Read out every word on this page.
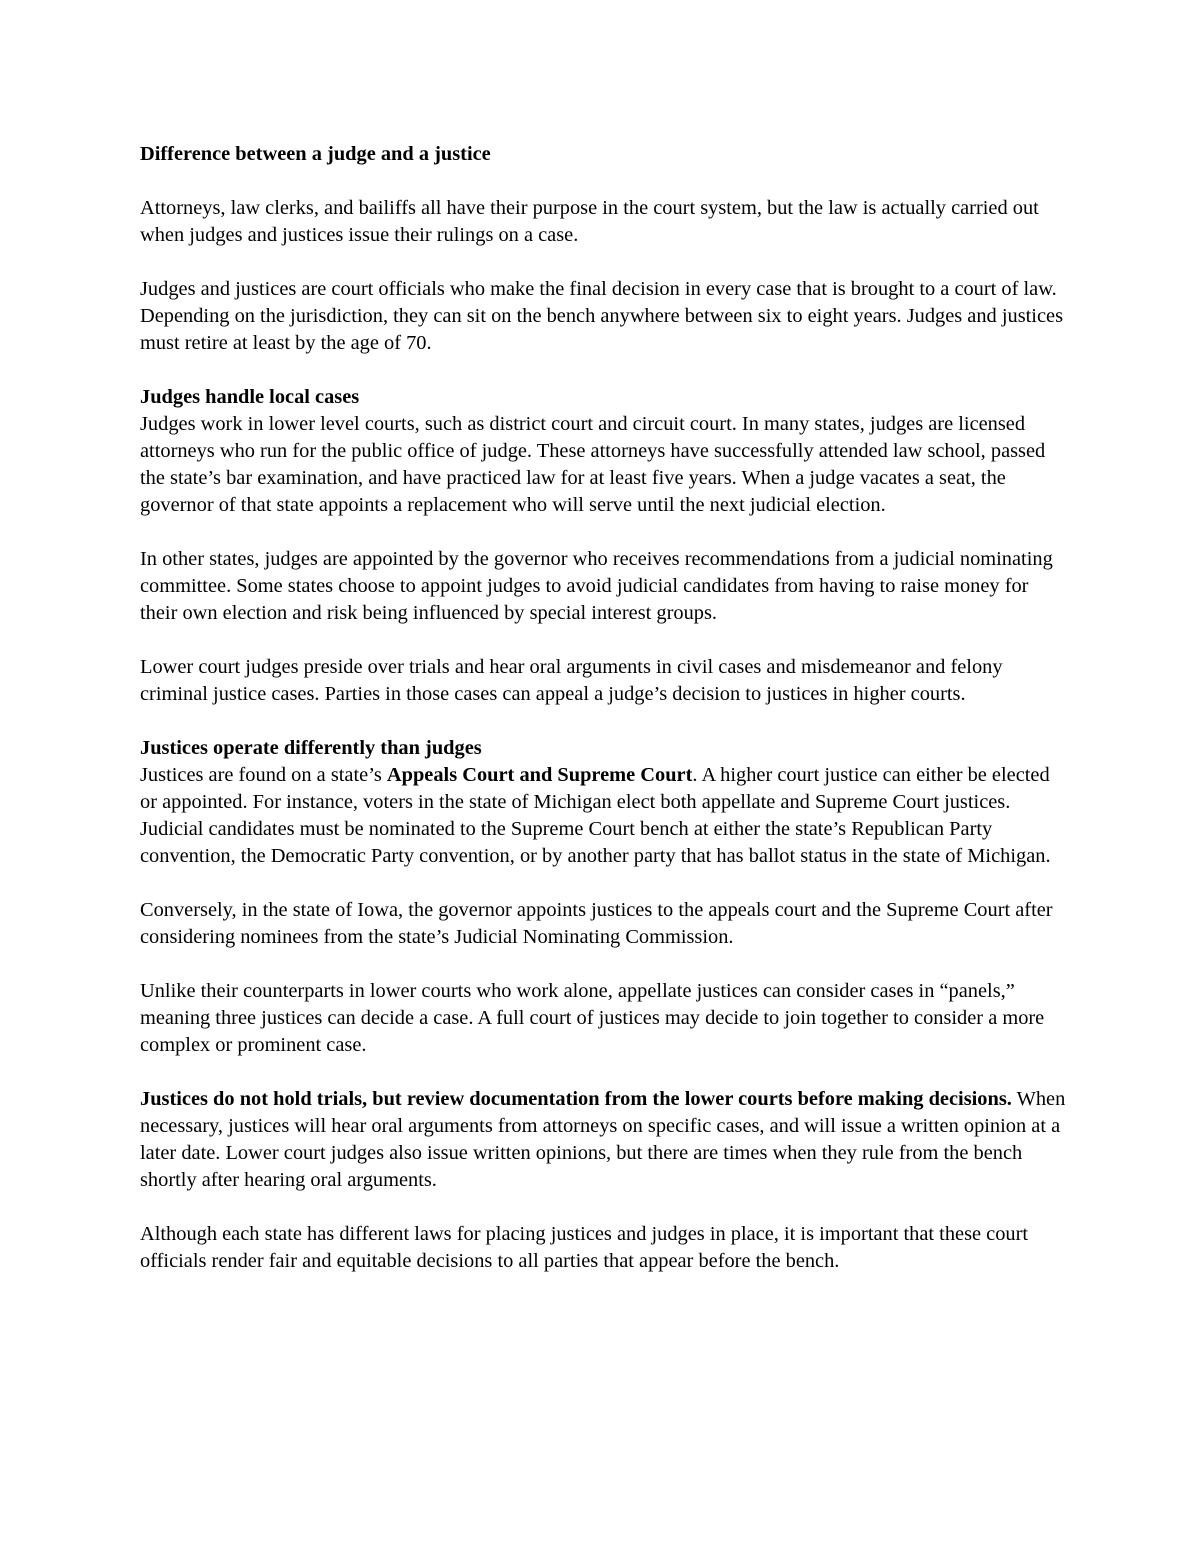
Difference between a judge and a justice

Attorneys, law clerks, and bailiffs all have their purpose in the court system, but the law is actually carried out when judges and justices issue their rulings on a case.

Judges and justices are court officials who make the final decision in every case that is brought to a court of law. Depending on the jurisdiction, they can sit on the bench anywhere between six to eight years. Judges and justices must retire at least by the age of 70.

Judges handle local cases
Judges work in lower level courts, such as district court and circuit court. In many states, judges are licensed attorneys who run for the public office of judge. These attorneys have successfully attended law school, passed the state’s bar examination, and have practiced law for at least five years. When a judge vacates a seat, the governor of that state appoints a replacement who will serve until the next judicial election.

In other states, judges are appointed by the governor who receives recommendations from a judicial nominating committee. Some states choose to appoint judges to avoid judicial candidates from having to raise money for their own election and risk being influenced by special interest groups.

Lower court judges preside over trials and hear oral arguments in civil cases and misdemeanor and felony criminal justice cases. Parties in those cases can appeal a judge’s decision to justices in higher courts.

Justices operate differently than judges
Justices are found on a state’s Appeals Court and Supreme Court. A higher court justice can either be elected or appointed. For instance, voters in the state of Michigan elect both appellate and Supreme Court justices. Judicial candidates must be nominated to the Supreme Court bench at either the state’s Republican Party convention, the Democratic Party convention, or by another party that has ballot status in the state of Michigan.

Conversely, in the state of Iowa, the governor appoints justices to the appeals court and the Supreme Court after considering nominees from the state’s Judicial Nominating Commission.

Unlike their counterparts in lower courts who work alone, appellate justices can consider cases in “panels,” meaning three justices can decide a case. A full court of justices may decide to join together to consider a more complex or prominent case.

Justices do not hold trials, but review documentation from the lower courts before making decisions. When necessary, justices will hear oral arguments from attorneys on specific cases, and will issue a written opinion at a later date. Lower court judges also issue written opinions, but there are times when they rule from the bench shortly after hearing oral arguments.

Although each state has different laws for placing justices and judges in place, it is important that these court officials render fair and equitable decisions to all parties that appear before the bench.
